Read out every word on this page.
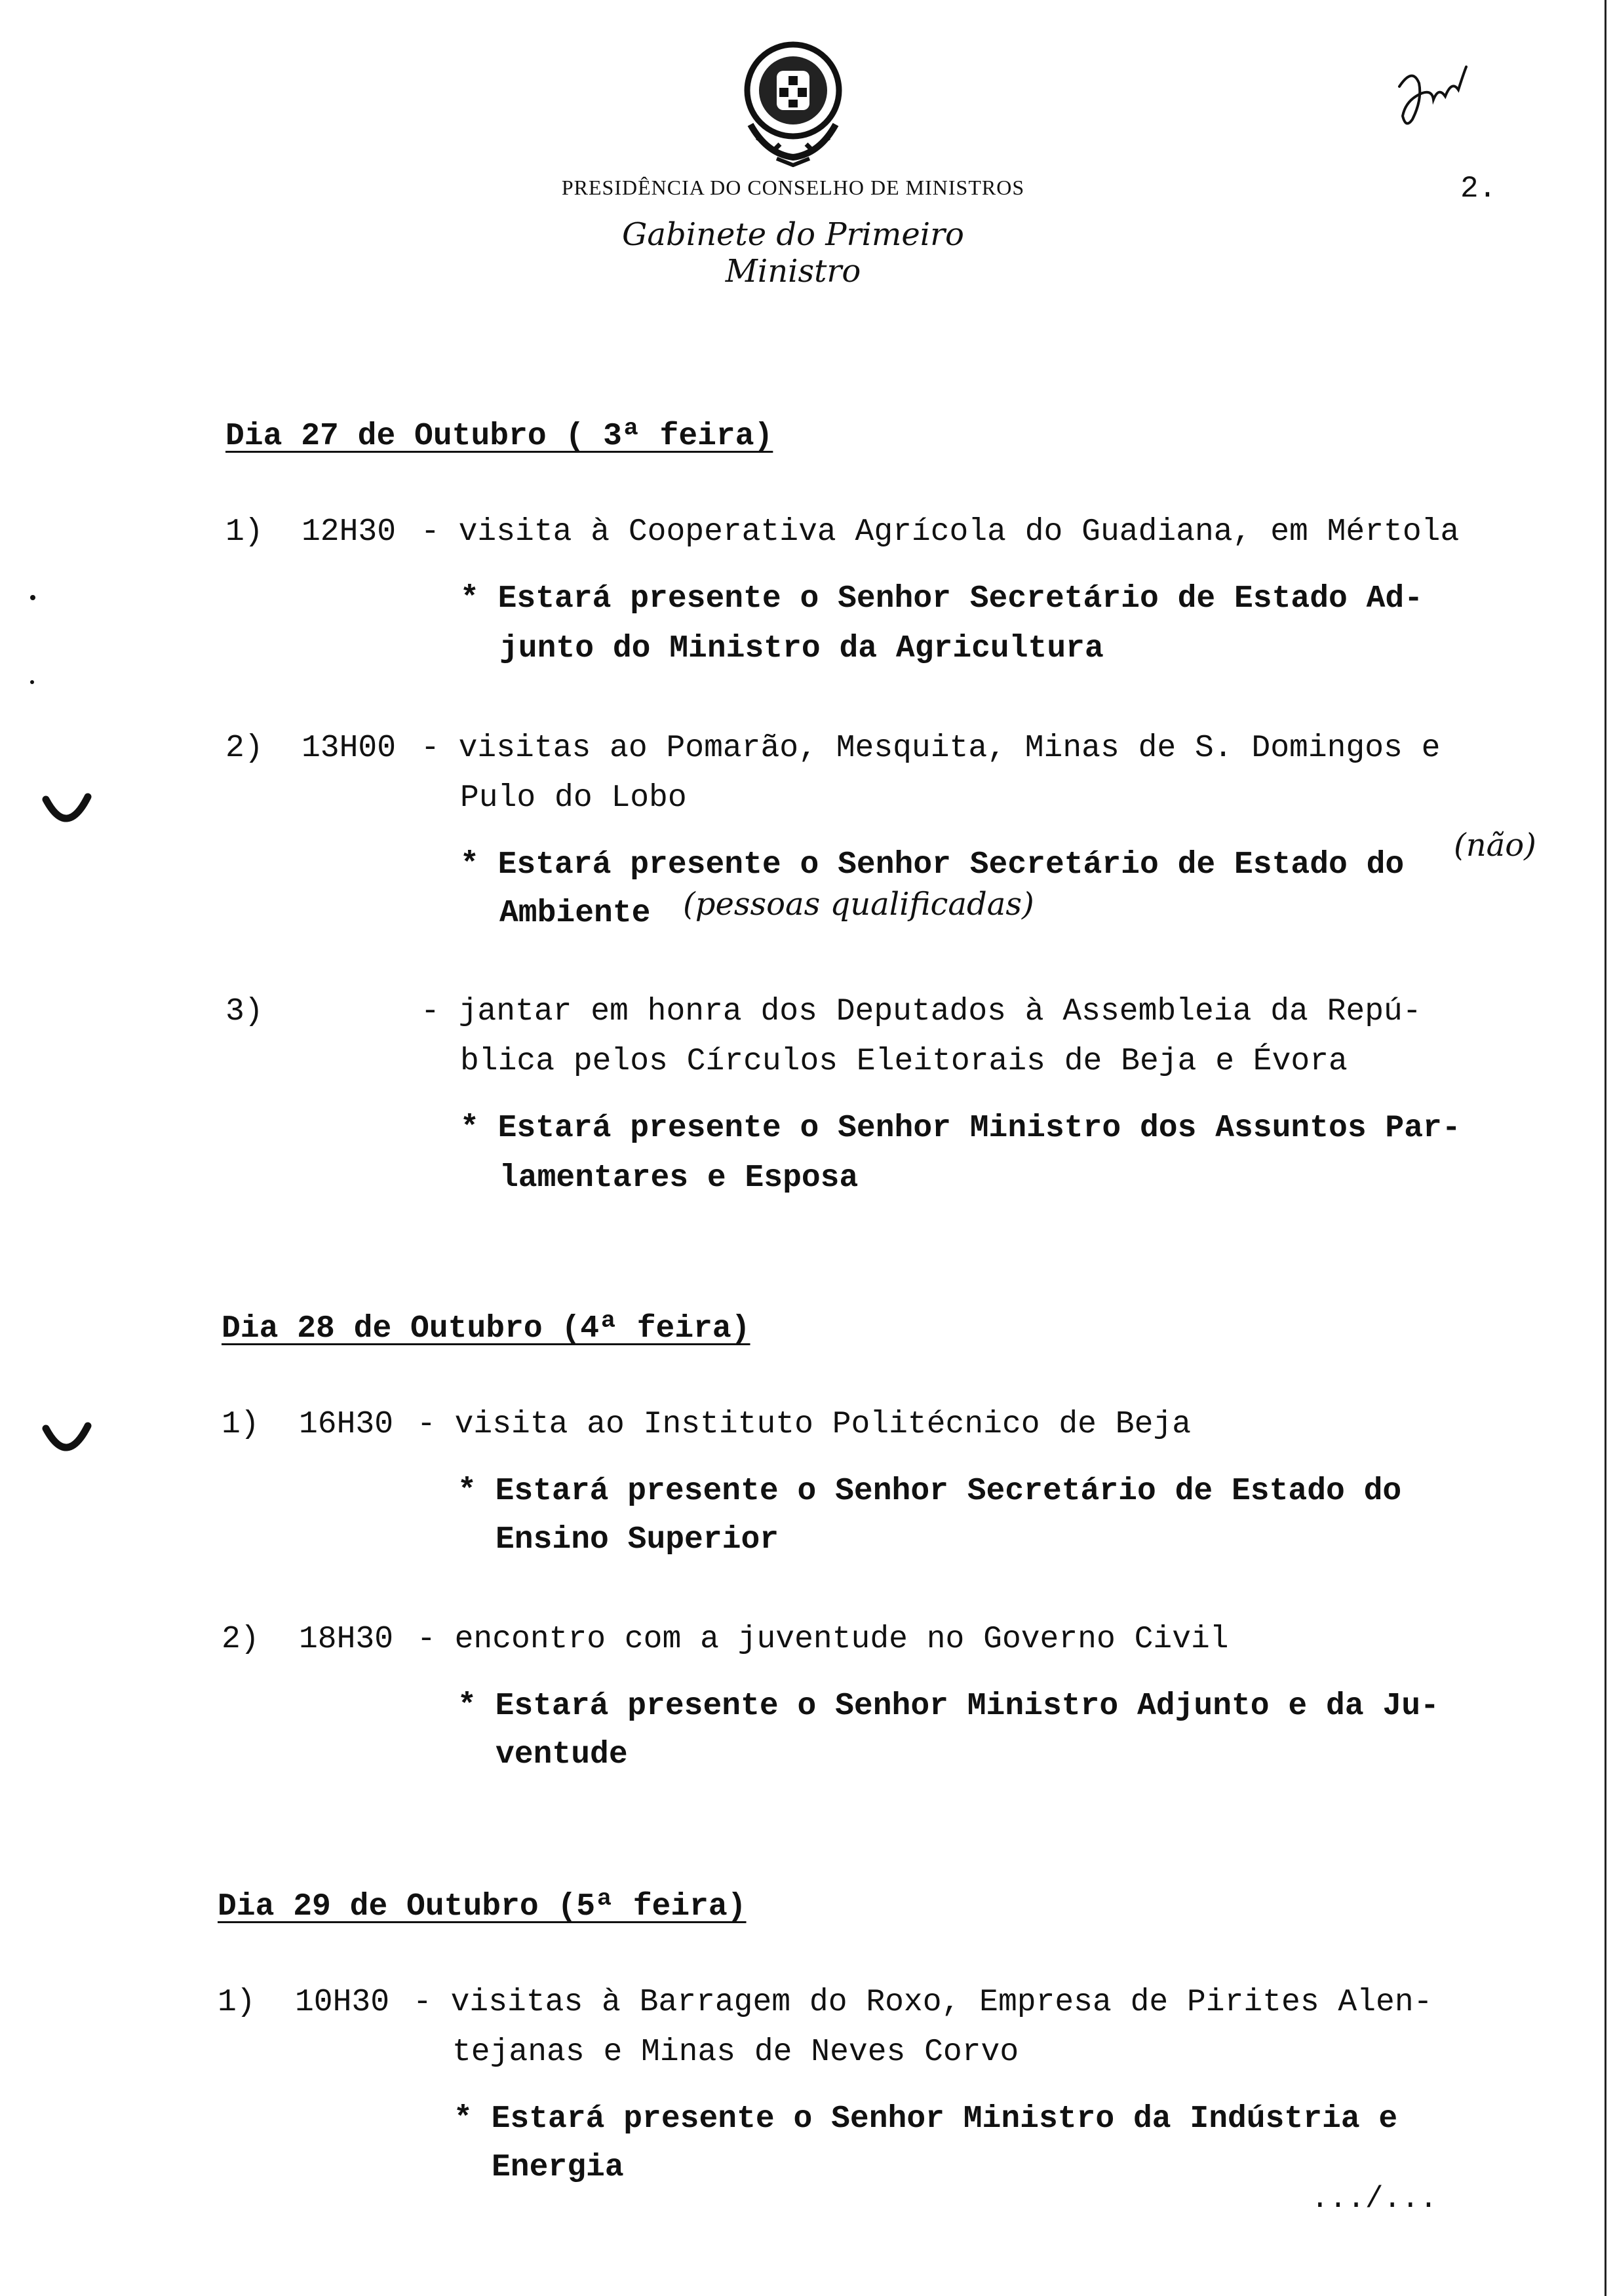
PRESIDÊNCIA DO CONSELHO DE MINISTROS
Gabinete do Primeiro Ministro
2.
Dia 27 de Outubro ( 3ª feira)
1) 12H30 - visita à Cooperativa Agrícola do Guadiana, em Mértola
* Estará presente o Senhor Secretário de Estado Ad-
junto do Ministro da Agricultura
2) 13H00 - visitas ao Pomarão, Mesquita, Minas de S. Domingos e
Pulo do Lobo
* Estará presente o Senhor Secretário de Estado do
Ambiente
(não)
(pessoas qualificadas)
3)	- jantar em honra dos Deputados à Assembleia da Repú-
blica pelos Círculos Eleitorais de Beja e Évora
* Estará presente o Senhor Ministro dos Assuntos Par-
lamentares e Esposa
Dia 28 de Outubro (4ª feira)
1) 16H30 - visita ao Instituto Politécnico de Beja
* Estará presente o Senhor Secretário de Estado do
Ensino Superior
2) 18H30 - encontro com a juventude no Governo Civil
* Estará presente o Senhor Ministro Adjunto e da Ju-
ventude
Dia 29 de Outubro (5ª feira)
1) 10H30 - visitas à Barragem do Roxo, Empresa de Pirites Alen-
tejanas e Minas de Neves Corvo
* Estará presente o Senhor Ministro da Indústria e
Energia
.../...
